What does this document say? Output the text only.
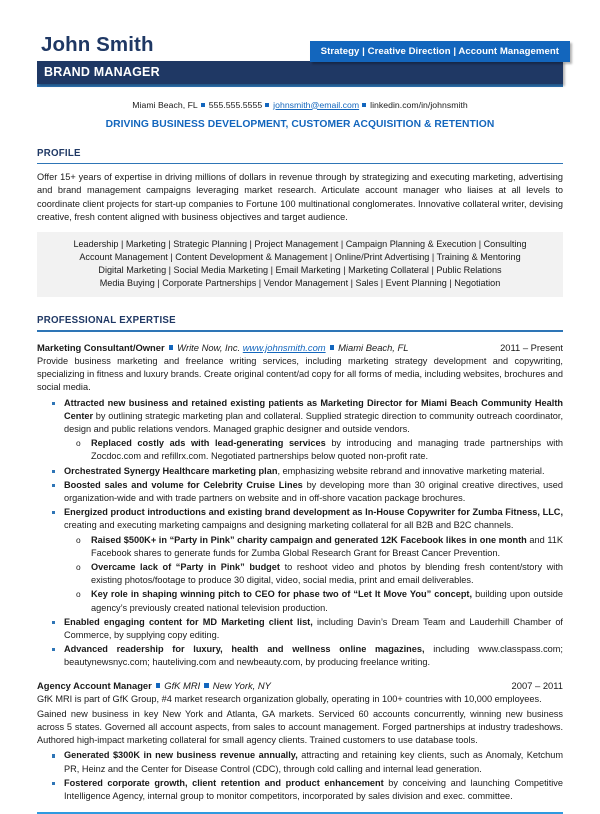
John Smith
BRAND MANAGER
Strategy | Creative Direction | Account Management
Miami Beach, FL 555.555.5555 johnsmith@email.com linkedin.com/in/johnsmith
DRIVING BUSINESS DEVELOPMENT, CUSTOMER ACQUISITION & RETENTION
PROFILE
Offer 15+ years of expertise in driving millions of dollars in revenue through by strategizing and executing marketing, advertising and brand management campaigns leveraging market research. Articulate account manager who liaises at all levels to coordinate client projects for start-up companies to Fortune 100 multinational conglomerates. Innovative collateral writer, devising creative, fresh content aligned with business objectives and target audience.
Leadership | Marketing | Strategic Planning | Project Management | Campaign Planning & Execution | Consulting
Account Management | Content Development & Management | Online/Print Advertising | Training & Mentoring
Digital Marketing | Social Media Marketing | Email Marketing | Marketing Collateral | Public Relations
Media Buying | Corporate Partnerships | Vendor Management | Sales | Event Planning | Negotiation
PROFESSIONAL EXPERTISE
Marketing Consultant/Owner Write Now, Inc. www.johnsmith.com Miami Beach, FL	2011 – Present
Provide business marketing and freelance writing services, including marketing strategy development and copywriting, specializing in fitness and luxury brands. Create original content/ad copy for all forms of media, including websites, brochures and social media.
Attracted new business and retained existing patients as Marketing Director for Miami Beach Community Health Center by outlining strategic marketing plan and collateral. Supplied strategic direction to community outreach coordinator, design and public relations vendors. Managed graphic designer and outside vendors.
o Replaced costly ads with lead-generating services by introducing and managing trade partnerships with Zocdoc.com and refillrx.com. Negotiated partnerships below quoted non-profit rate.
Orchestrated Synergy Healthcare marketing plan, emphasizing website rebrand and innovative marketing material.
Boosted sales and volume for Celebrity Cruise Lines by developing more than 30 original creative directives, used organization-wide and with trade partners on website and in off-shore vacation package brochures.
Energized product introductions and existing brand development as In-House Copywriter for Zumba Fitness, LLC, creating and executing marketing campaigns and designing marketing collateral for all B2B and B2C channels.
o Raised $500K+ in “Party in Pink” charity campaign and generated 12K Facebook likes in one month and 11K Facebook shares to generate funds for Zumba Global Research Grant for Breast Cancer Prevention.
o Overcame lack of “Party in Pink” budget to reshoot video and photos by blending fresh content/story with existing photos/footage to produce 30 digital, video, social media, print and email deliverables.
o Key role in shaping winning pitch to CEO for phase two of “Let It Move You” concept, building upon outside agency’s previously created national television production.
Enabled engaging content for MD Marketing client list, including Davin’s Dream Team and Lauderhill Chamber of Commerce, by supplying copy editing.
Advanced readership for luxury, health and wellness online magazines, including www.classpass.com; beautynewsnyc.com; hauteliving.com and newbeauty.com, by producing freelance writing.
Agency Account Manager GfK MRI New York, NY	2007 – 2011
GfK MRI is part of GfK Group, #4 market research organization globally, operating in 100+ countries with 10,000 employees.
Gained new business in key New York and Atlanta, GA markets. Serviced 60 accounts concurrently, winning new business across 5 states. Governed all account aspects, from sales to account management. Forged partnerships at industry tradeshows. Authored high-impact marketing collateral for small agency clients. Trained customers to use database tools.
Generated $300K in new business revenue annually, attracting and retaining key clients, such as Anomaly, Ketchum PR, Heinz and the Center for Disease Control (CDC), through cold calling and internal lead generation.
Fostered corporate growth, client retention and product enhancement by conceiving and launching Competitive Intelligence Agency, internal group to monitor competitors, incorporated by sales division and exec. committee.
